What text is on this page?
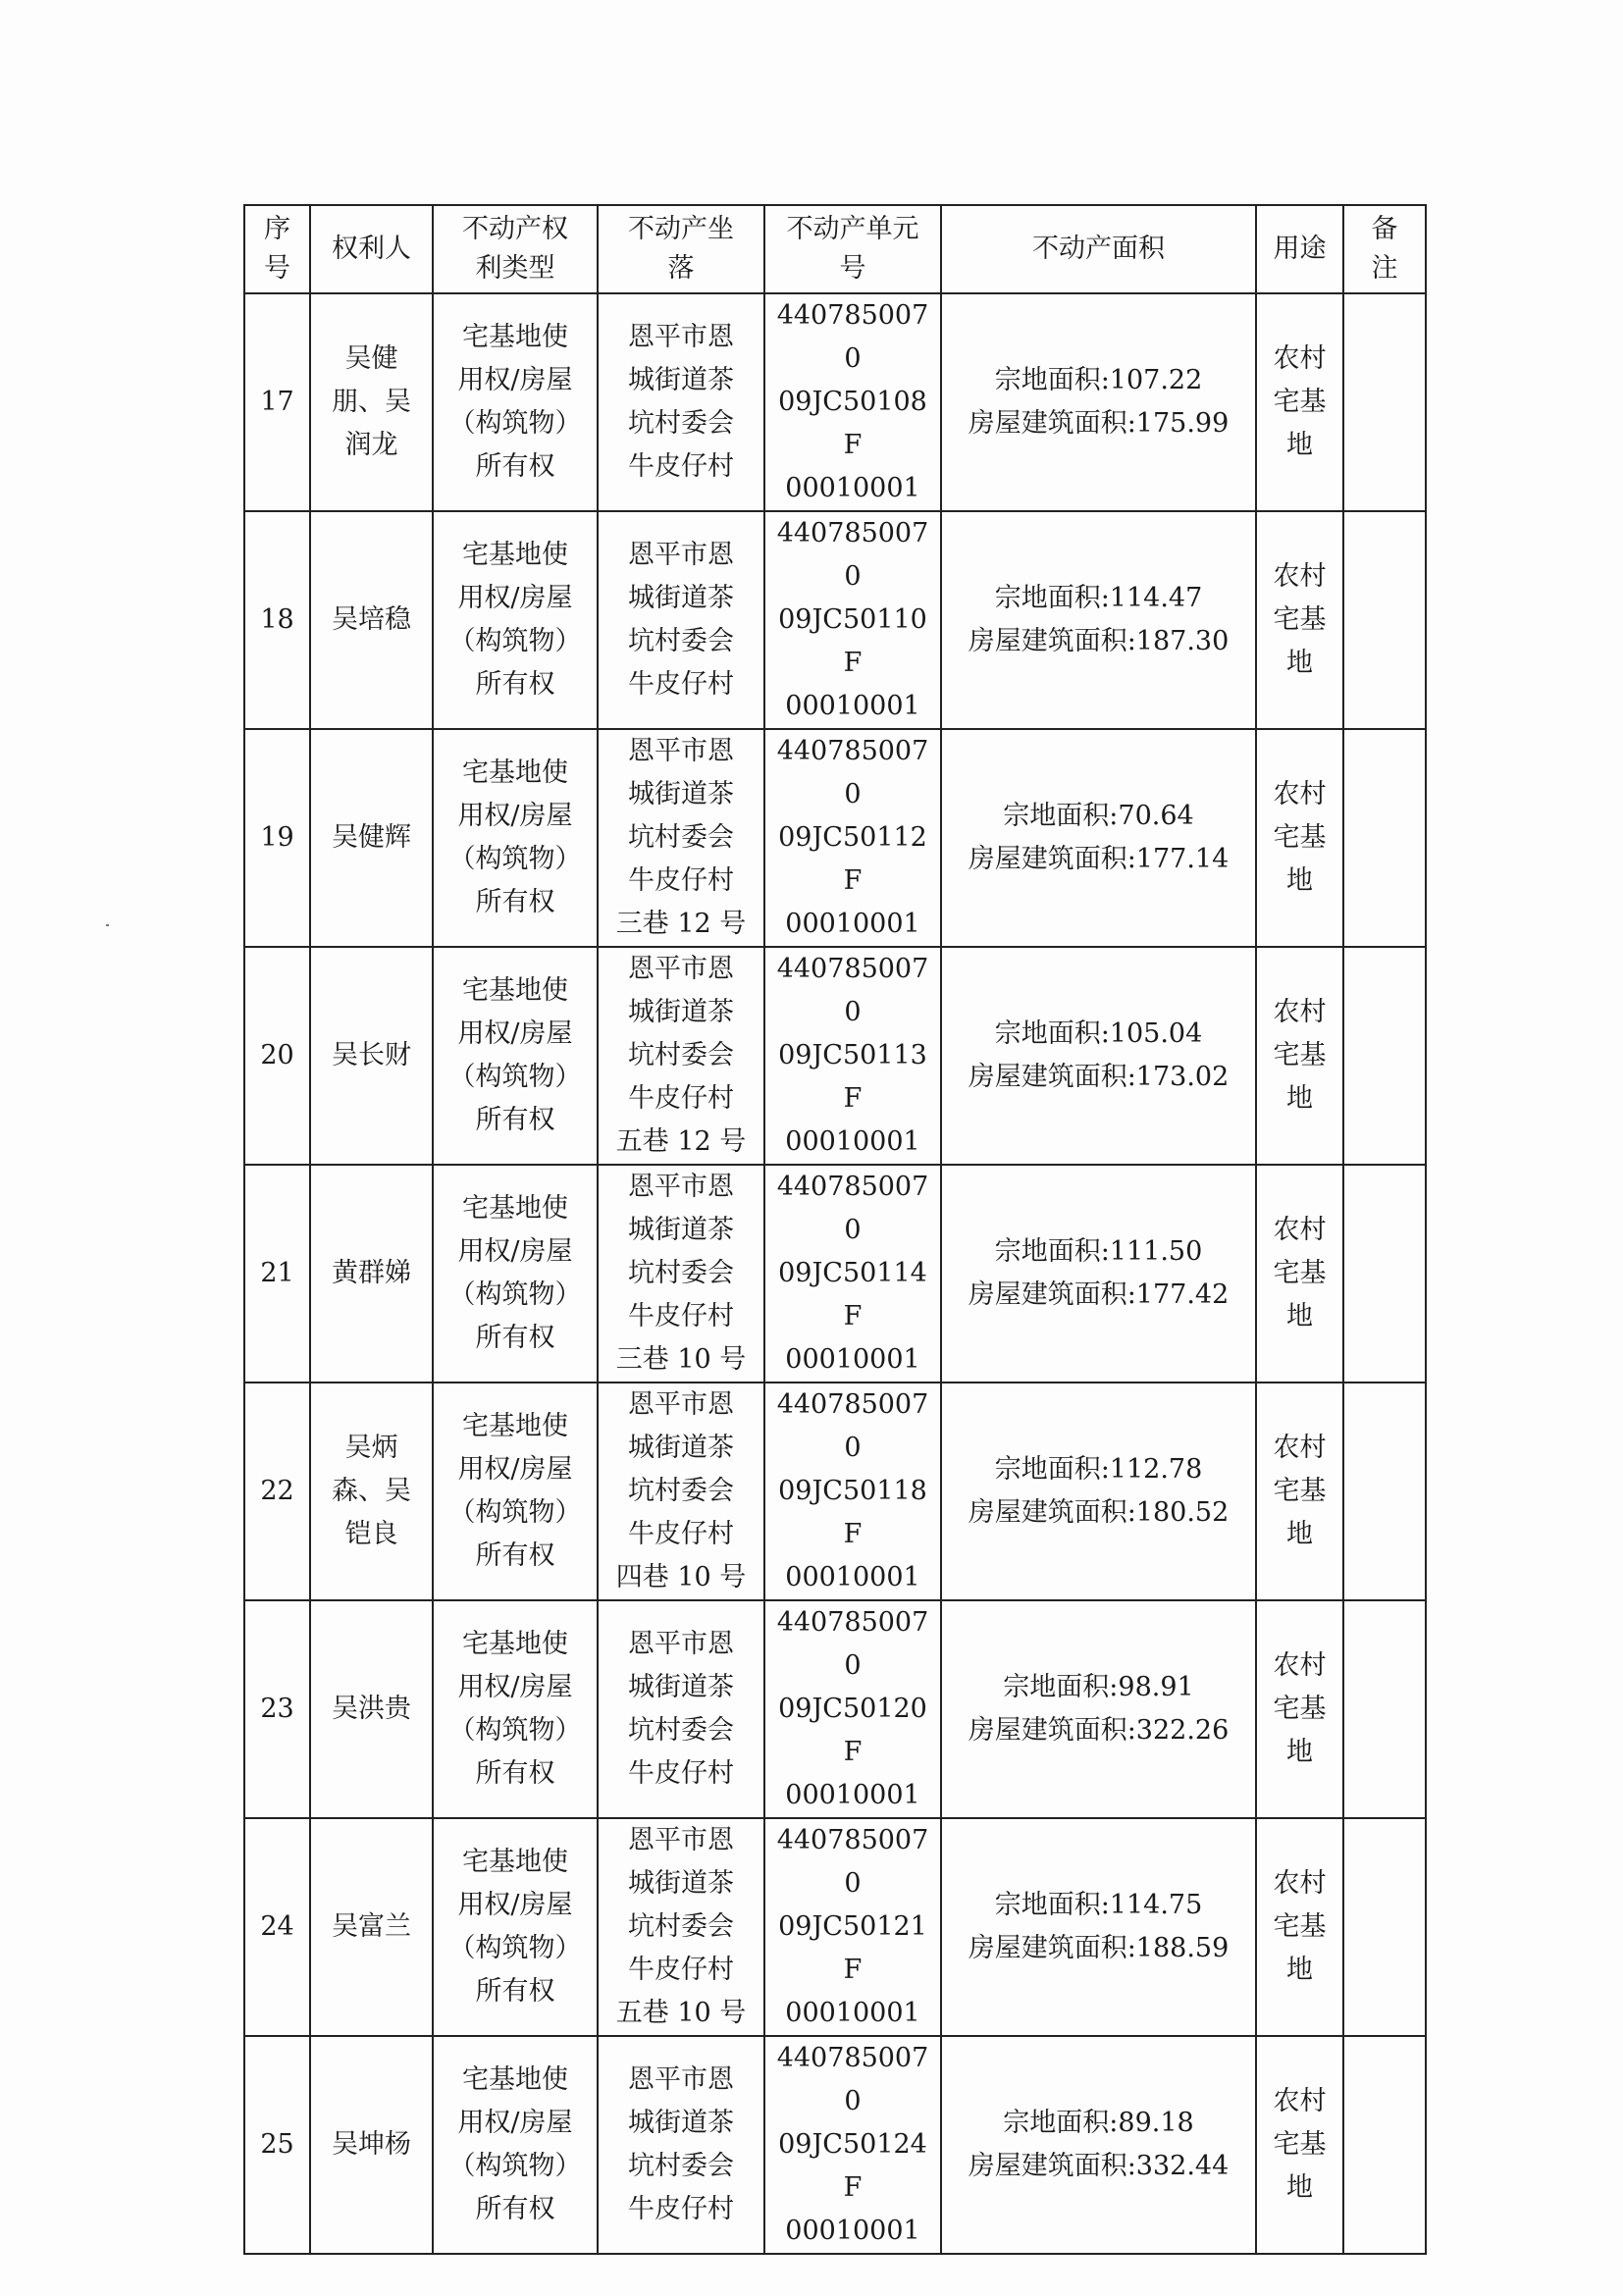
序
号	权利人	不动产权
利类型	不动产坐
落	不动产单元
号	不动产面积	用途	备
注
17	吴健
朋、吴
润龙	宅基地使
用权/房屋
（构筑物）
所有权	恩平市恩
城街道茶
坑村委会
牛皮仔村	4407850070
09JC50108F
00010001	宗地面积:107.22
房屋建筑面积:175.99	农村
宅基
地	
18	吴培稳	宅基地使
用权/房屋
（构筑物）
所有权	恩平市恩
城街道茶
坑村委会
牛皮仔村	4407850070
09JC50110F
00010001	宗地面积:114.47
房屋建筑面积:187.30	农村
宅基
地	
19	吴健辉	宅基地使
用权/房屋
（构筑物）
所有权	恩平市恩
城街道茶
坑村委会
牛皮仔村
三巷 12 号	4407850070
09JC50112F
00010001	宗地面积:70.64
房屋建筑面积:177.14	农村
宅基
地	
20	吴长财	宅基地使
用权/房屋
（构筑物）
所有权	恩平市恩
城街道茶
坑村委会
牛皮仔村
五巷 12 号	4407850070
09JC50113F
00010001	宗地面积:105.04
房屋建筑面积:173.02	农村
宅基
地	
21	黄群娣	宅基地使
用权/房屋
（构筑物）
所有权	恩平市恩
城街道茶
坑村委会
牛皮仔村
三巷 10 号	4407850070
09JC50114F
00010001	宗地面积:111.50
房屋建筑面积:177.42	农村
宅基
地	
22	吴炳
森、吴
铠良	宅基地使
用权/房屋
（构筑物）
所有权	恩平市恩
城街道茶
坑村委会
牛皮仔村
四巷 10 号	4407850070
09JC50118F
00010001	宗地面积:112.78
房屋建筑面积:180.52	农村
宅基
地	
23	吴洪贵	宅基地使
用权/房屋
（构筑物）
所有权	恩平市恩
城街道茶
坑村委会
牛皮仔村	4407850070
09JC50120F
00010001	宗地面积:98.91
房屋建筑面积:322.26	农村
宅基
地	
24	吴富兰	宅基地使
用权/房屋
（构筑物）
所有权	恩平市恩
城街道茶
坑村委会
牛皮仔村
五巷 10 号	4407850070
09JC50121F
00010001	宗地面积:114.75
房屋建筑面积:188.59	农村
宅基
地	
25	吴坤杨	宅基地使
用权/房屋
（构筑物）
所有权	恩平市恩
城街道茶
坑村委会
牛皮仔村	4407850070
09JC50124F
00010001	宗地面积:89.18
房屋建筑面积:332.44	农村
宅基
地	
